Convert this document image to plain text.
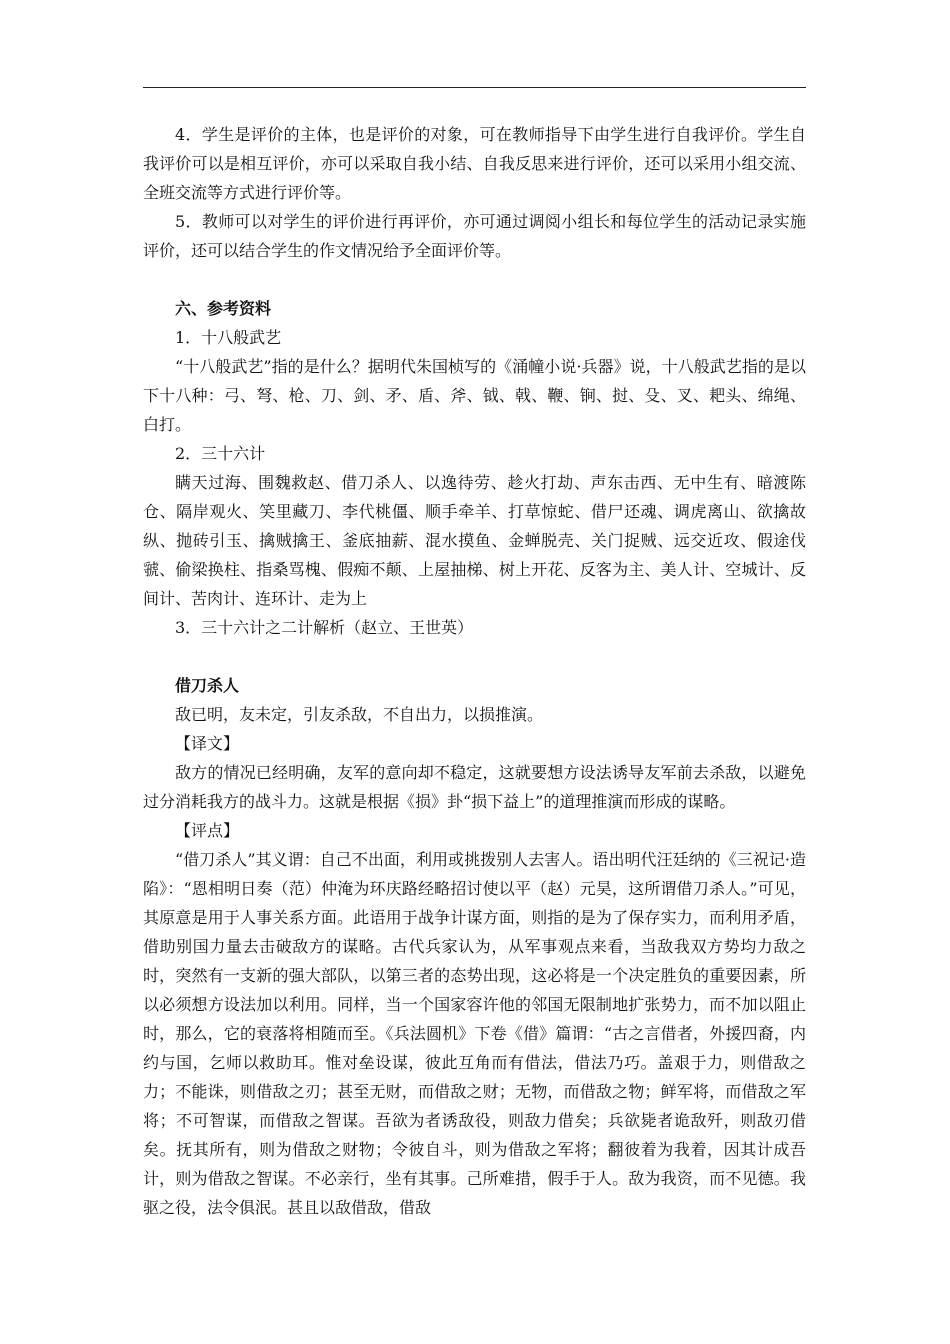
4．学生是评价的主体，也是评价的对象，可在教师指导下由学生进行自我评价。学生自我评价可以是相互评价，亦可以采取自我小结、自我反思来进行评价，还可以采用小组交流、全班交流等方式进行评价等。

5．教师可以对学生的评价进行再评价，亦可通过调阅小组长和每位学生的活动记录实施评价，还可以结合学生的作文情况给予全面评价等。

六、参考资料

1．十八般武艺

“十八般武艺”指的是什么？据明代朱国桢写的《涌幢小说·兵器》说，十八般武艺指的是以下十八种：弓、弩、枪、刀、剑、矛、盾、斧、钺、戟、鞭、锏、挝、殳、叉、耙头、绵绳、白打。

2．三十六计

瞒天过海、围魏救赵、借刀杀人、以逸待劳、趁火打劫、声东击西、无中生有、暗渡陈仓、隔岸观火、笑里藏刀、李代桃僵、顺手牵羊、打草惊蛇、借尸还魂、调虎离山、欲擒故纵、抛砖引玉、擒贼擒王、釜底抽薪、混水摸鱼、金蝉脱壳、关门捉贼、远交近攻、假途伐虢、偷梁换柱、指桑骂槐、假痴不颠、上屋抽梯、树上开花、反客为主、美人计、空城计、反间计、苦肉计、连环计、走为上

3．三十六计之二计解析（赵立、王世英）

借刀杀人

敌已明，友未定，引友杀敌，不自出力，以损推演。

【译文】

敌方的情况已经明确，友军的意向却不稳定，这就要想方设法诱导友军前去杀敌，以避免过分消耗我方的战斗力。这就是根据《损》卦“损下益上”的道理推演而形成的谋略。

【评点】

“借刀杀人”其义谓：自己不出面，利用或挑拨别人去害人。语出明代汪廷纳的《三祝记·造陷》：“恩相明日奏（范）仲淹为环庆路经略招讨使以平（赵）元昊，这所谓借刀杀人。”可见，其原意是用于人事关系方面。此语用于战争计谋方面，则指的是为了保存实力，而利用矛盾，借助别国力量去击破敌方的谋略。古代兵家认为，从军事观点来看，当敌我双方势均力敌之时，突然有一支新的强大部队，以第三者的态势出现，这必将是一个决定胜负的重要因素，所以必须想方设法加以利用。同样，当一个国家容许他的邻国无限制地扩张势力，而不加以阻止时，那么，它的衰落将相随而至。《兵法圆机》下卷《借》篇谓：“古之言借者，外援四裔，内约与国，乞师以救助耳。惟对垒设谋，彼此互角而有借法，借法乃巧。盖艰于力，则借敌之力；不能诛，则借敌之刃；甚至无财，而借敌之财；无物，而借敌之物；鲜军将，而借敌之军将；不可智谋，而借敌之智谋。吾欲为者诱敌役，则敌力借矣；兵欲毙者诡敌歼，则敌刃借矣。抚其所有，则为借敌之财物；令彼自斗，则为借敌之军将；翻彼着为我着，因其计成吾计，则为借敌之智谋。不必亲行，坐有其事。己所难措，假手于人。敌为我资，而不见德。我驱之役，法令俱泯。甚且以敌借敌，借敌
